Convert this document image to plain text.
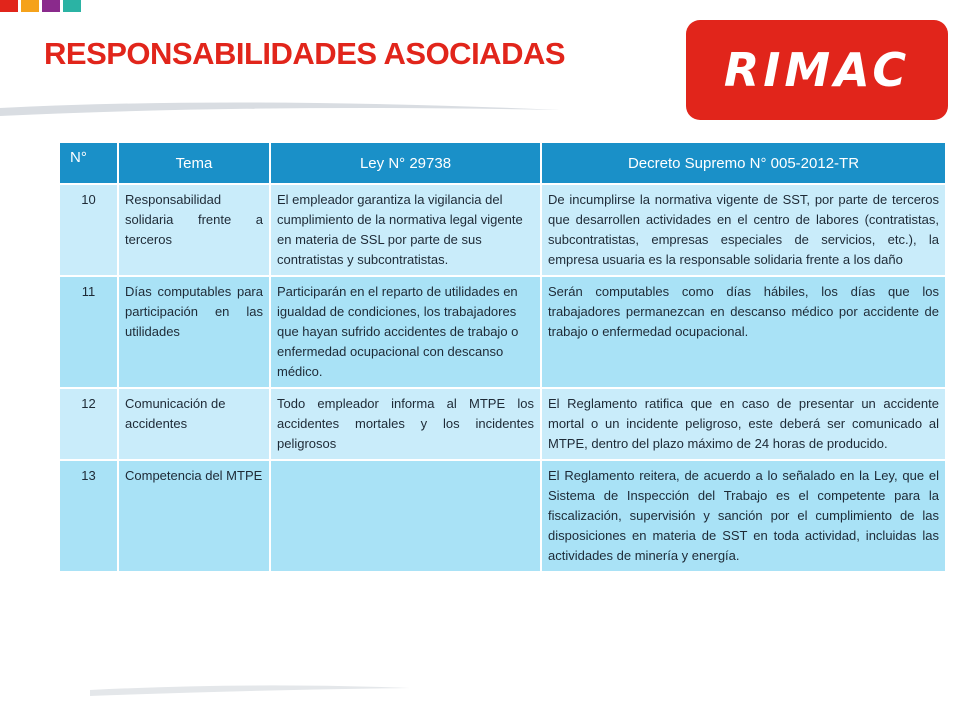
RESPONSABILIDADES ASOCIADAS	RIMAC
N°	Tema	Ley N° 29738	Decreto Supremo N° 005-2012-TR
10	Responsabilidad solidaria frente a terceros	El empleador garantiza la vigilancia del cumplimiento de la normativa legal vigente en materia de SSL por parte de sus contratistas y subcontratistas.	De incumplirse la normativa vigente de SST, por parte de terceros que desarrollen actividades en el centro de labores (contratistas, subcontratistas, empresas especiales de servicios, etc.), la empresa usuaria es la responsable solidaria frente a los daño
11	Días computables para participación en las utilidades	Participarán en el reparto de utilidades en igualdad de condiciones, los trabajadores que hayan sufrido accidentes de trabajo o enfermedad ocupacional con descanso médico.	Serán computables como días hábiles, los días que los trabajadores permanezcan en descanso médico por accidente de trabajo o enfermedad ocupacional.
12	Comunicación de accidentes	Todo empleador informa al MTPE los accidentes mortales y los incidentes peligrosos	El Reglamento ratifica que en caso de presentar un accidente mortal o un incidente peligroso, este deberá ser comunicado al MTPE, dentro del plazo máximo de 24 horas de producido.
13	Competencia del MTPE		El Reglamento reitera, de acuerdo a lo señalado en la Ley, que el Sistema de Inspección del Trabajo es el competente para la fiscalización, supervisión y sanción por el cumplimiento de las disposiciones en materia de SST en toda actividad, incluidas las actividades de minería y energía.
